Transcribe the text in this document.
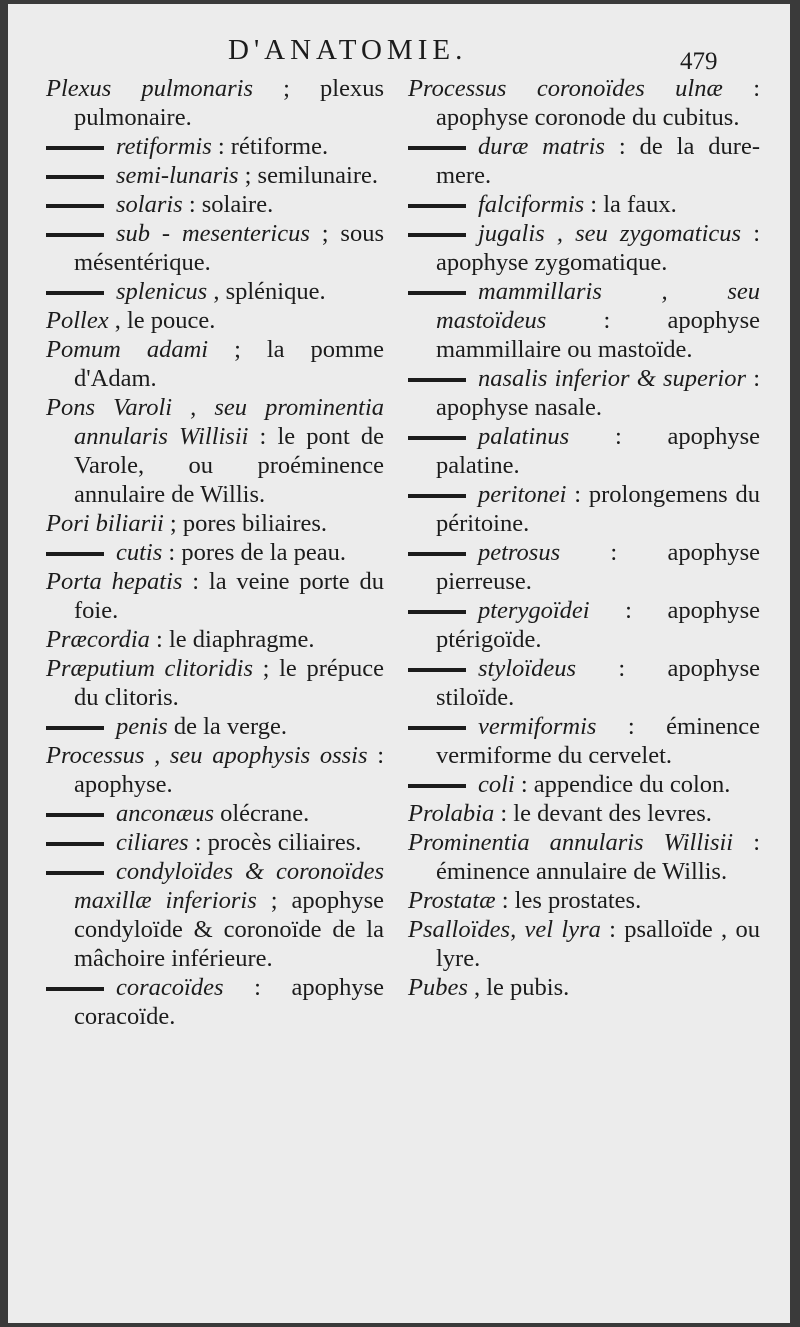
D'ANATOMIE.	479
Plexus pulmonaris ; plexus pulmonaire.
retiformis : rétiforme.
semi-lunaris ; semilunaire.
solaris : solaire.
sub - mesentericus ; sous mésentérique.
splenicus , splénique.
Pollex , le pouce.
Pomum adami ; la pomme d'Adam.
Pons Varoli , seu prominentia annularis Willisii : le pont de Varole, ou proéminence annulaire de Willis.
Pori biliarii ; pores biliaires.
cutis : pores de la peau.
Porta hepatis : la veine porte du foie.
Præcordia : le diaphragme.
Præputium clitoridis ; le prépuce du clitoris.
penis de la verge.
Processus , seu apophysis ossis : apophyse.
anconæus olécrane.
ciliares : procès ciliaires.
condyloïdes & coronoïdes maxillæ inferioris ; apophyse condyloïde & coronoïde de la mâchoire inférieure.
coracoïdes : apophyse coracoïde.
Processus coronoïdes ulnæ : apophyse coronode du cubitus.
duræ matris : de la dure-mere.
falciformis : la faux.
jugalis , seu zygomaticus : apophyse zygomatique.
mammillaris , seu mastoïdeus : apophyse mammillaire ou mastoïde.
nasalis inferior & superior : apophyse nasale.
palatinus : apophyse palatine.
peritonei : prolongemens du péritoine.
petrosus : apophyse pierreuse.
pterygoïdei : apophyse ptérigoïde.
styloïdeus : apophyse stiloïde.
vermiformis : éminence vermiforme du cervelet.
coli : appendice du colon.
Prolabia : le devant des levres.
Prominentia annularis Willisii : éminence annulaire de Willis.
Prostatæ : les prostates.
Psalloïdes, vel lyra : psalloïde , ou lyre.
Pubes , le pubis.
